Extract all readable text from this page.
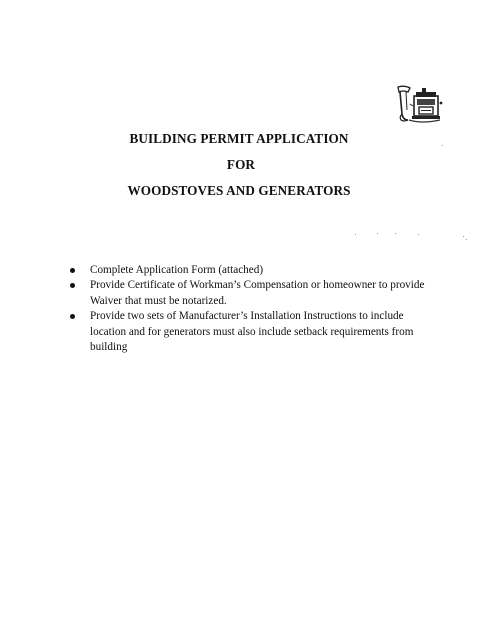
BUILDING PERMIT APPLICATION
FOR
WOODSTOVES AND GENERATORS
Complete Application Form (attached)
Provide Certificate of Workman’s Compensation or homeowner to provide Waiver that must be notarized.
Provide two sets of Manufacturer’s Installation Instructions to include location and for generators must also include setback requirements from building
